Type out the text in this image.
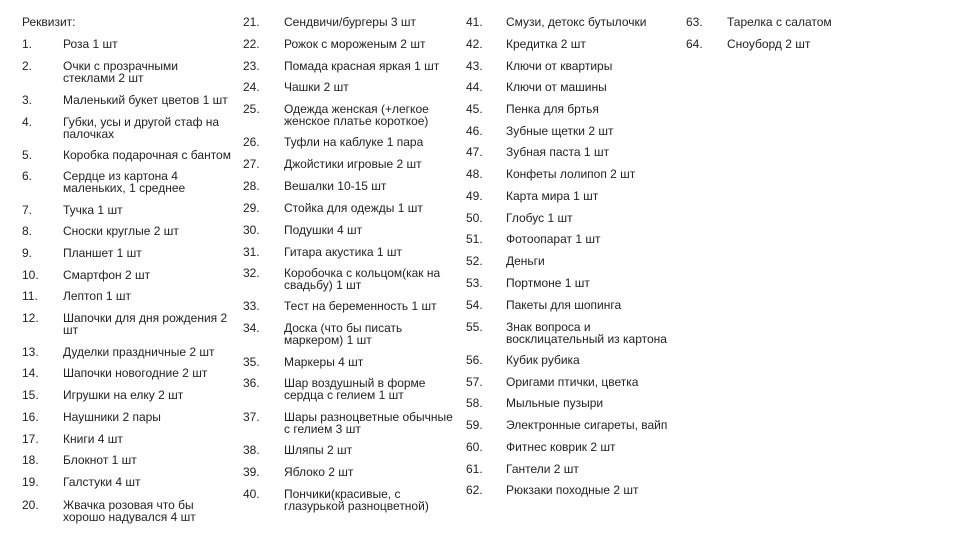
Реквизит:
1.	Роза 1 шт
2.	Очки с прозрачными
стеклами 2 шт
3.	Маленький букет цветов 1 шт
4.	Губки, усы и другой стаф на
палочках
5.	Коробка подарочная с бантом
6.	Сердце из картона 4
маленьких, 1 среднее
7.	Тучка 1 шт
8.	Сноски круглые 2 шт
9.	Планшет 1 шт
10. Смартфон 2 шт
11. Лептоп 1 шт
12. Шапочки для дня рождения 2
шт
13. Дуделки праздничные 2 шт
14. Шапочки новогодние 2 шт
15. Игрушки на елку 2 шт
16. Наушники 2 пары
17. Книги 4 шт
18. Блокнот 1 шт
19. Галстуки 4 шт
20. Жвачка розовая что бы
хорошо надувался 4 шт
21. Сендвичи/бургеры 3 шт
22. Рожок с мороженым 2 шт
23. Помада красная яркая 1 шт
24. Чашки 2 шт
25. Одежда женская (+легкое
женское платье короткое)
26. Туфли на каблуке 1 пара
27. Джойстики игровые 2 шт
28. Вешалки 10-15 шт
29. Стойка для одежды 1 шт
30. Подушки 4 шт
31. Гитара акустика 1 шт
32. Коробочка с кольцом(как на
свадьбу) 1 шт
33. Тест на беременность 1 шт
34. Доска (что бы писать
маркером) 1 шт
35. Маркеры 4 шт
36. Шар воздушный в форме
сердца с гелием 1 шт
37. Шары разноцветные обычные
с гелием 3 шт
38. Шляпы 2 шт
39. Яблоко 2 шт
40. Пончики(красивые, с
глазурькой разноцветной)
41. Смузи, детокс бутылочки
42. Кредитка 2 шт
43. Ключи от квартиры
44. Ключи от машины
45. Пенка для бртья
46. Зубные щетки 2 шт
47. Зубная паста 1 шт
48. Конфеты лолипоп 2 шт
49. Карта мира 1 шт
50. Глобус 1 шт
51. Фотоопарат 1 шт
52. Деньги
53. Портмоне 1 шт
54. Пакеты для шопинга
55. Знак вопроса и
восклицательный из картона
56. Кубик рубика
57. Оригами птички, цветка
58. Мыльные пузыри
59. Электронные сигареты, вайп
60. Фитнес коврик 2 шт
61. Гантели 2 шт
62. Рюкзаки походные 2 шт
63. Тарелка с салатом
64. Сноуборд 2 шт
